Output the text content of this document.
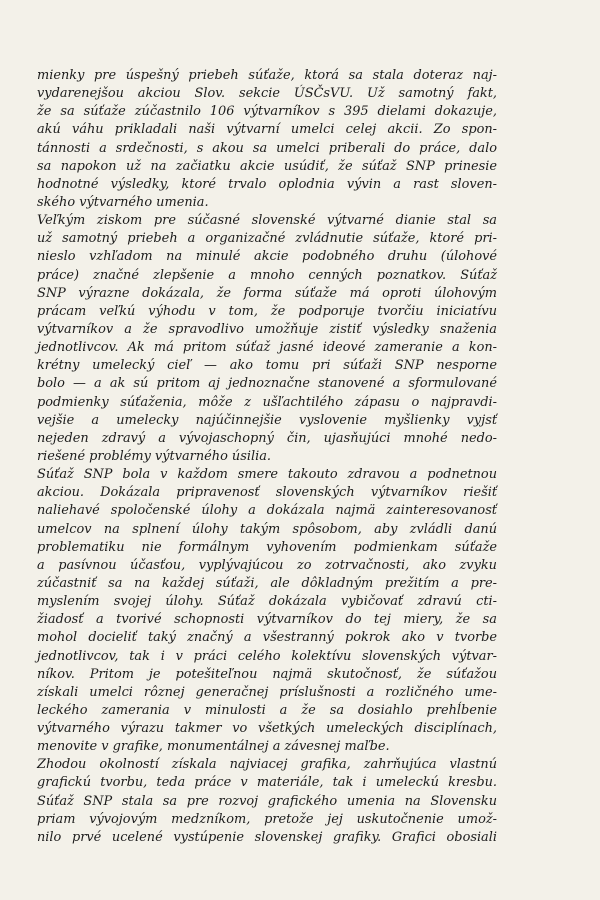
mienky pre úspešný priebeh súťaže, ktorá sa stala doteraz naj-
vydarenejšou akciou Slov. sekcie ÚSČsVU. Už samotný fakt,
že sa súťaže zúčastnilo 106 výtvarníkov s 395 dielami dokazuje,
akú váhu prikladali naši výtvarní umelci celej akcii. Zo spon-
tánnosti a srdečnosti, s akou sa umelci priberali do práce, dalo
sa napokon už na začiatku akcie usúdiť, že súťaž SNP prinesie
hodnotné výsledky, ktoré trvalo oplodnia vývin a rast sloven-
ského výtvarného umenia.
Veľkým ziskom pre súčasné slovenské výtvarné dianie stal sa
už samotný priebeh a organizačné zvládnutie súťaže, ktoré pri-
nieslo vzhľadom na minulé akcie podobného druhu (úlohové
práce) značné zlepšenie a mnoho cenných poznatkov. Súťaž
SNP výrazne dokázala, že forma súťaže má oproti úlohovým
prácam veľkú výhodu v tom, že podporuje tvorčiu iniciatívu
výtvarníkov a že spravodlivo umožňuje zistiť výsledky snaženia
jednotlivcov. Ak má pritom súťaž jasné ideové zameranie a kon-
krétny umelecký cieľ — ako tomu pri súťaži SNP nesporne
bolo — a ak sú pritom aj jednoznačne stanovené a sformulované
podmienky súťaženia, môže z ušľachtilého zápasu o najpravdi-
vejšie a umelecky najúčinnejšie vyslovenie myšlienky vyjsť
nejeden zdravý a vývojaschopný čin, ujasňujúci mnohé nedo-
riešené problémy výtvarného úsilia.
Súťaž SNP bola v každom smere takouto zdravou a podnetnou
akciou. Dokázala pripravenosť slovenských výtvarníkov riešiť
naliehavé spoločenské úlohy a dokázala najmä zainteresovanosť
umelcov na splnení úlohy takým spôsobom, aby zvládli danú
problematiku nie formálnym vyhovením podmienkam súťaže
a pasívnou účasťou, vyplývajúcou zo zotrvačnosti, ako zvyku
zúčastniť sa na každej súťaži, ale dôkladným prežitím a pre-
myslením svojej úlohy. Súťaž dokázala vybičovať zdravú cti-
žiadosť a tvorivé schopnosti výtvarníkov do tej miery, že sa
mohol docieliť taký značný a všestranný pokrok ako v tvorbe
jednotlivcov, tak i v práci celého kolektívu slovenských výtvar-
níkov. Pritom je potešiteľnou najmä skutočnosť, že súťažou
získali umelci rôznej generačnej príslušnosti a rozličného ume-
leckého zamerania v minulosti a že sa dosiahlo prehĺbenie
výtvarného výrazu takmer vo všetkých umeleckých disciplínach,
menovite v grafike, monumentálnej a závesnej maľbe.
Zhodou okolností získala najviacej grafika, zahrňujúca vlastnú
grafickú tvorbu, teda práce v materiále, tak i umeleckú kresbu.
Súťaž SNP stala sa pre rozvoj grafického umenia na Slovensku
priam vývojovým medzníkom, pretože jej uskutočnenie umož-
nilo prvé ucelené vystúpenie slovenskej grafiky. Grafici obosiali
